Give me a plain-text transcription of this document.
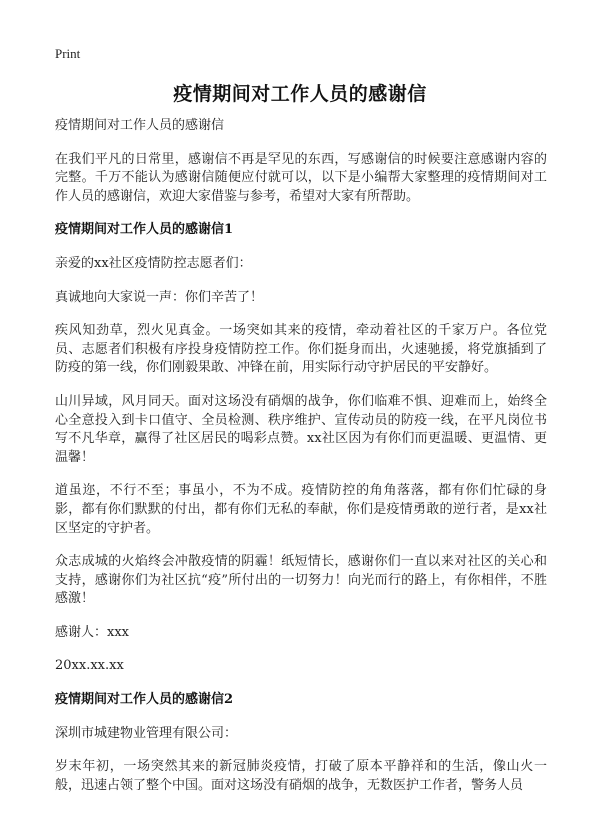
Print
疫情期间对工作人员的感谢信

疫情期间对工作人员的感谢信

在我们平凡的日常里，感谢信不再是罕见的东西，写感谢信的时候要注意感谢内容的完整。千万不能认为感谢信随便应付就可以，以下是小编帮大家整理的疫情期间对工作人员的感谢信，欢迎大家借鉴与参考，希望对大家有所帮助。

疫情期间对工作人员的感谢信1

亲爱的xx社区疫情防控志愿者们：

真诚地向大家说一声：你们辛苦了！

疾风知劲草，烈火见真金。一场突如其来的疫情，牵动着社区的千家万户。各位党员、志愿者们积极有序投身疫情防控工作。你们挺身而出，火速驰援，将党旗插到了防疫的第一线，你们刚毅果敢、冲锋在前，用实际行动守护居民的平安静好。

山川异域，风月同天。面对这场没有硝烟的战争，你们临难不惧、迎难而上，始终全心全意投入到卡口值守、全员检测、秩序维护、宣传动员的防疫一线，在平凡岗位书写不凡华章，赢得了社区居民的喝彩点赞。xx社区因为有你们而更温暖、更温情、更温馨！

道虽迩，不行不至；事虽小，不为不成。疫情防控的角角落落，都有你们忙碌的身影，都有你们默默的付出，都有你们无私的奉献，你们是疫情勇敢的逆行者，是xx社区坚定的守护者。

众志成城的火焰终会冲散疫情的阴霾！纸短情长，感谢你们一直以来对社区的关心和支持，感谢你们为社区抗“疫”所付出的一切努力！向光而行的路上，有你相伴，不胜感激！

感谢人：xxx

20xx.xx.xx

疫情期间对工作人员的感谢信2

深圳市城建物业管理有限公司：

岁末年初，一场突然其来的新冠肺炎疫情，打破了原本平静祥和的生活，像山火一般，迅速占领了整个中国。面对这场没有硝烟的战争，无数医护工作者，警务人员
